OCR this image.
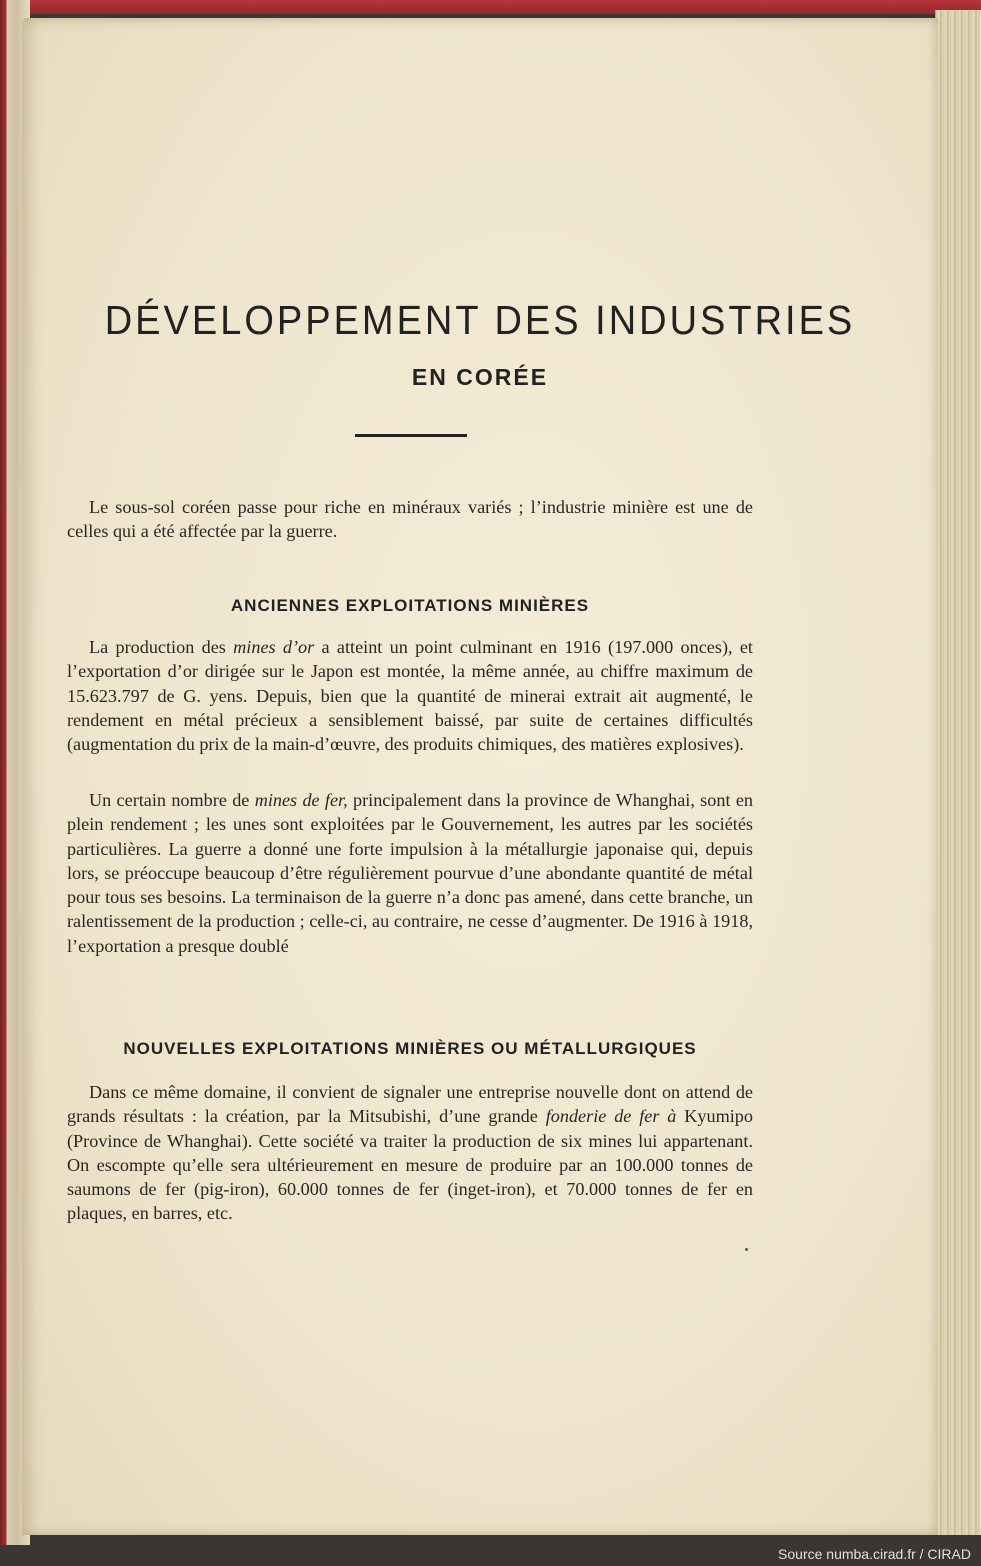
DÉVELOPPEMENT DES INDUSTRIES
EN CORÉE

Le sous-sol coréen passe pour riche en minéraux variés ; l’industrie minière est une de celles qui a été affectée par la guerre.

ANCIENNES EXPLOITATIONS MINIÈRES

La production des mines d’or a atteint un point culminant en 1916 (197.000 onces), et l’exportation d’or dirigée sur le Japon est montée, la même année, au chiffre maximum de 15.623.797 de G. yens. Depuis, bien que la quantité de minerai extrait ait augmenté, le rendement en métal précieux a sensiblement baissé, par suite de certaines difficultés (augmentation du prix de la main-d’œuvre, des produits chimiques, des matières explosives).

Un certain nombre de mines de fer, principalement dans la province de Whanghai, sont en plein rendement ; les unes sont exploitées par le Gouvernement, les autres par les sociétés particulières. La guerre a donné une forte impulsion à la métallurgie japonaise qui, depuis lors, se préoccupe beaucoup d’être régulièrement pourvue d’une abondante quantité de métal pour tous ses besoins. La terminaison de la guerre n’a donc pas amené, dans cette branche, un ralentissement de la production ; celle-ci, au contraire, ne cesse d’augmenter. De 1916 à 1918, l’exportation a presque doublé

NOUVELLES EXPLOITATIONS MINIÈRES OU MÉTALLURGIQUES

Dans ce même domaine, il convient de signaler une entreprise nouvelle dont on attend de grands résultats : la création, par la Mitsubishi, d’une grande fonderie de fer à Kyumipo (Province de Whanghai). Cette société va traiter la production de six mines lui appartenant. On escompte qu’elle sera ultérieurement en mesure de produire par an 100.000 tonnes de saumons de fer (pig-iron), 60.000 tonnes de fer (inget-iron), et 70.000 tonnes de fer en plaques, en barres, etc.

Source numba.cirad.fr / CIRAD
